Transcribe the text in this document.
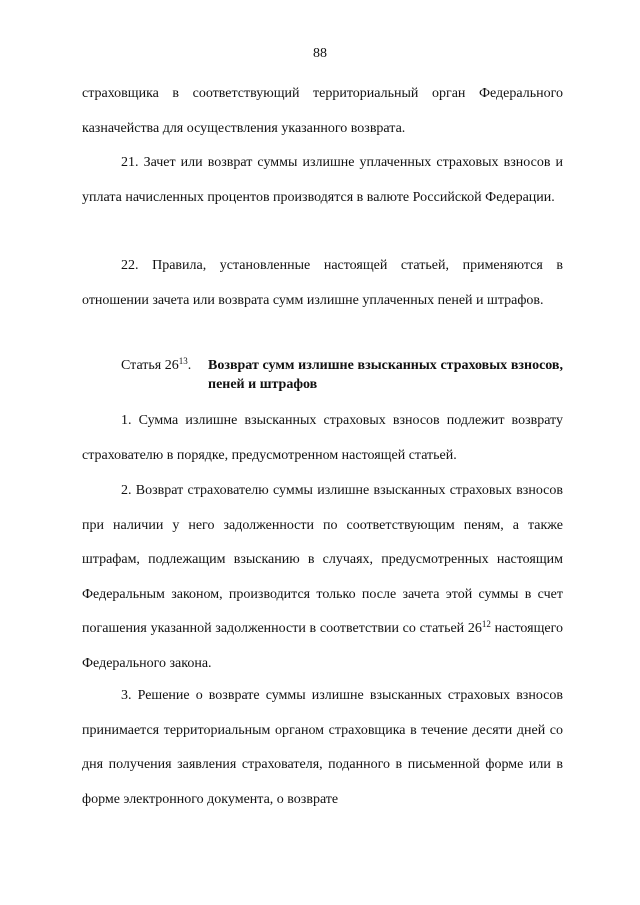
88

страховщика в соответствующий территориальный орган Федерального казначейства для осуществления указанного возврата.

21. Зачет или возврат суммы излишне уплаченных страховых взносов и уплата начисленных процентов производятся в валюте Российской Федерации.

22. Правила, установленные настоящей статьей, применяются в отношении зачета или возврата сумм излишне уплаченных пеней и штрафов.

Статья $26^{13}$. Возврат сумм излишне взысканных страховых взносов, пеней и штрафов

1. Сумма излишне взысканных страховых взносов подлежит возврату страхователю в порядке, предусмотренном настоящей статьей.

2. Возврат страхователю суммы излишне взысканных страховых взносов при наличии у него задолженности по соответствующим пеням, а также штрафам, подлежащим взысканию в случаях, предусмотренных настоящим Федеральным законом, производится только после зачета этой суммы в счет погашения указанной задолженности в соответствии со статьей $26^{12}$ настоящего Федерального закона.

3. Решение о возврате суммы излишне взысканных страховых взносов принимается территориальным органом страховщика в течение десяти дней со дня получения заявления страхователя, поданного в письменной форме или в форме электронного документа, о возврате
